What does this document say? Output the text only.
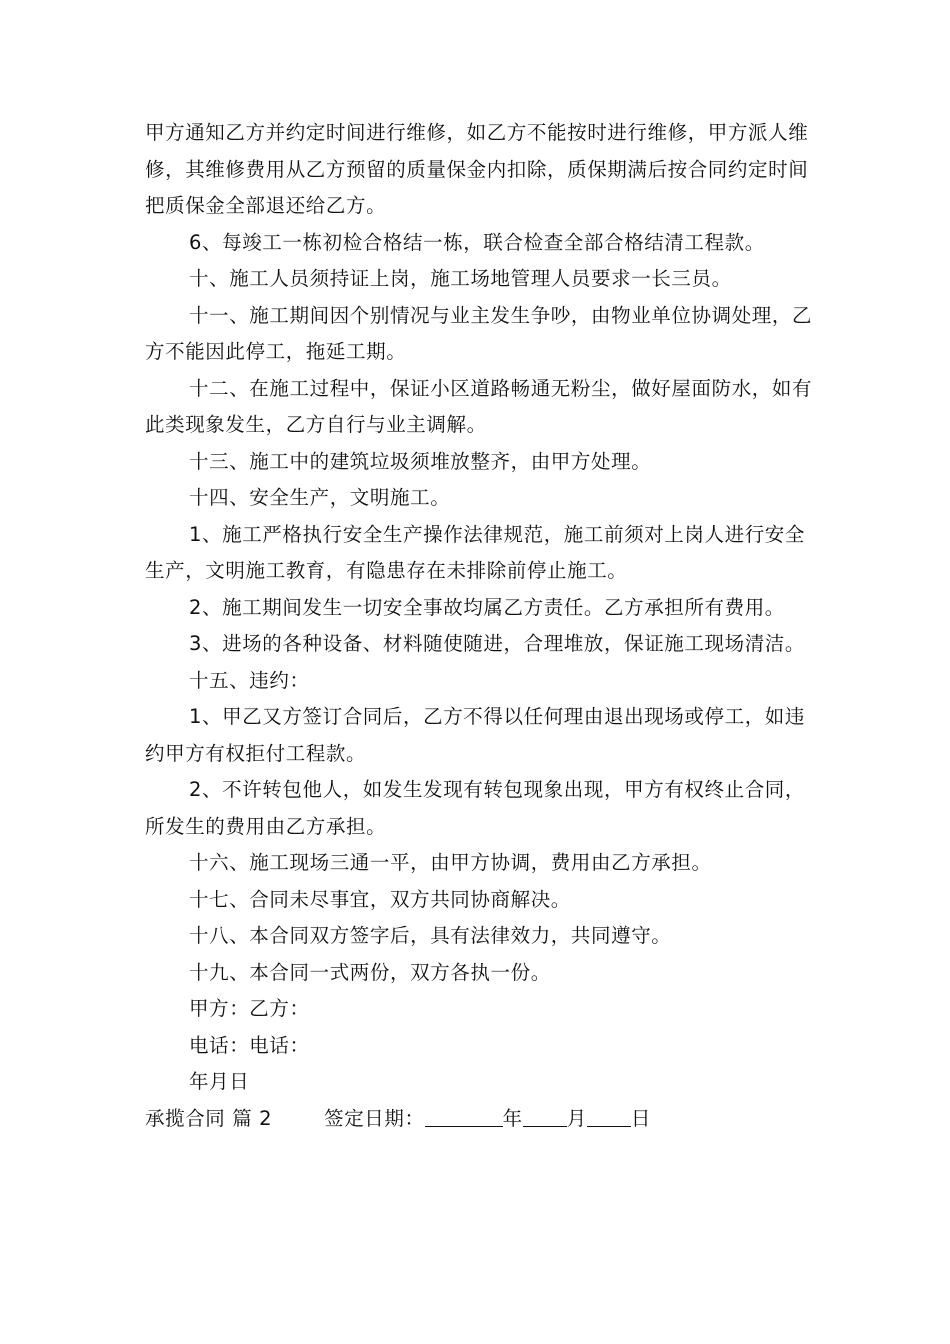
甲方通知乙方并约定时间进行维修，如乙方不能按时进行维修，甲方派人维修，其维修费用从乙方预留的质量保金内扣除，质保期满后按合同约定时间把质保金全部退还给乙方。

6、每竣工一栋初检合格结一栋，联合检查全部合格结清工程款。

十、施工人员须持证上岗，施工场地管理人员要求一长三员。

十一、施工期间因个别情况与业主发生争吵，由物业单位协调处理，乙方不能因此停工，拖延工期。

十二、在施工过程中，保证小区道路畅通无粉尘，做好屋面防水，如有此类现象发生，乙方自行与业主调解。

十三、施工中的建筑垃圾须堆放整齐，由甲方处理。

十四、安全生产，文明施工。

1、施工严格执行安全生产操作法律规范，施工前须对上岗人进行安全生产，文明施工教育，有隐患存在未排除前停止施工。

2、施工期间发生一切安全事故均属乙方责任。乙方承担所有费用。

3、进场的各种设备、材料随使随进，合理堆放，保证施工现场清洁。

十五、违约：

1、甲乙又方签订合同后，乙方不得以任何理由退出现场或停工，如违约甲方有权拒付工程款。

2、不许转包他人，如发生发现有转包现象出现，甲方有权终止合同，所发生的费用由乙方承担。

十六、施工现场三通一平，由甲方协调，费用由乙方承担。

十七、合同未尽事宜，双方共同协商解决。

十八、本合同双方签字后，具有法律效力，共同遵守。

十九、本合同一式两份，双方各执一份。

甲方：乙方：

电话：电话：

年月日

承揽合同 篇 2	签定日期：	年 月 日
